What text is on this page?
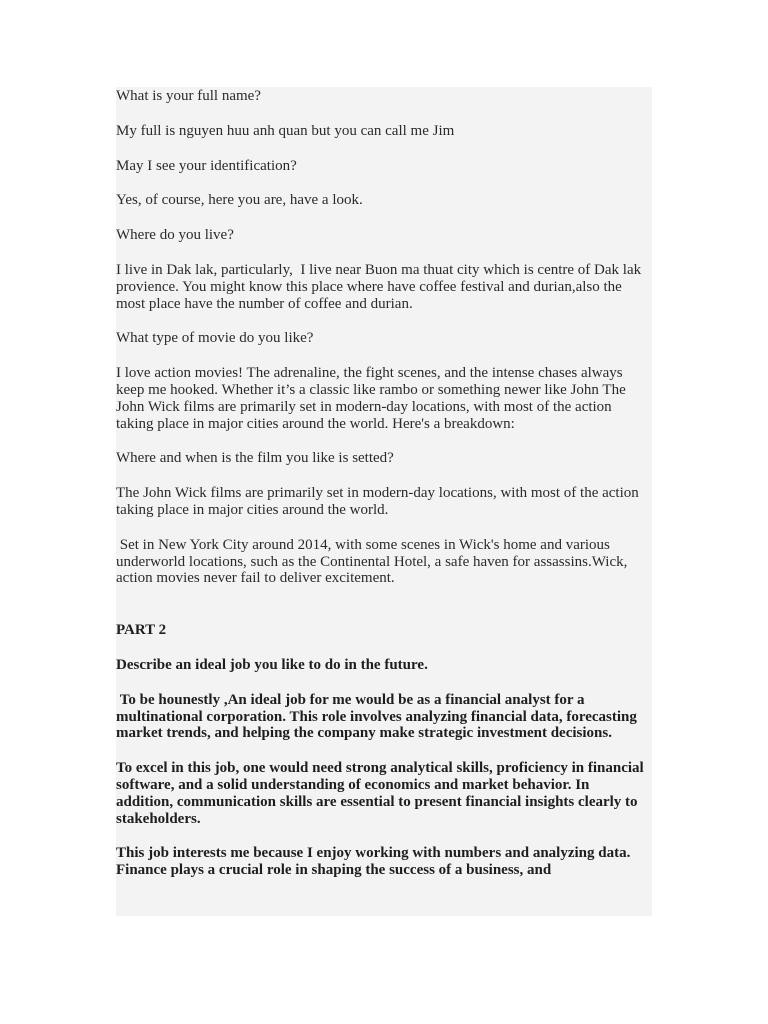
What is your full name?

My full is nguyen huu anh quan but you can call me Jim

May I see your identification?

Yes, of course, here you are, have a look.

Where do you live?

I live in Dak lak, particularly,  I live near Buon ma thuat city which is centre of Dak lak provience. You might know this place where have coffee festival and durian,also the most place have the number of coffee and durian.

What type of movie do you like?

I love action movies! The adrenaline, the fight scenes, and the intense chases always keep me hooked. Whether it’s a classic like rambo or something newer like John The John Wick films are primarily set in modern-day locations, with most of the action taking place in major cities around the world. Here's a breakdown:

Where and when is the film you like is setted?

The John Wick films are primarily set in modern-day locations, with most of the action taking place in major cities around the world.

Set in New York City around 2014, with some scenes in Wick's home and various underworld locations, such as the Continental Hotel, a safe haven for assassins.Wick, action movies never fail to deliver excitement.

PART 2

Describe an ideal job you like to do in the future.

To be hounestly ,An ideal job for me would be as a financial analyst for a multinational corporation. This role involves analyzing financial data, forecasting market trends, and helping the company make strategic investment decisions.

To excel in this job, one would need strong analytical skills, proficiency in financial software, and a solid understanding of economics and market behavior. In addition, communication skills are essential to present financial insights clearly to stakeholders.

This job interests me because I enjoy working with numbers and analyzing data. Finance plays a crucial role in shaping the success of a business, and
